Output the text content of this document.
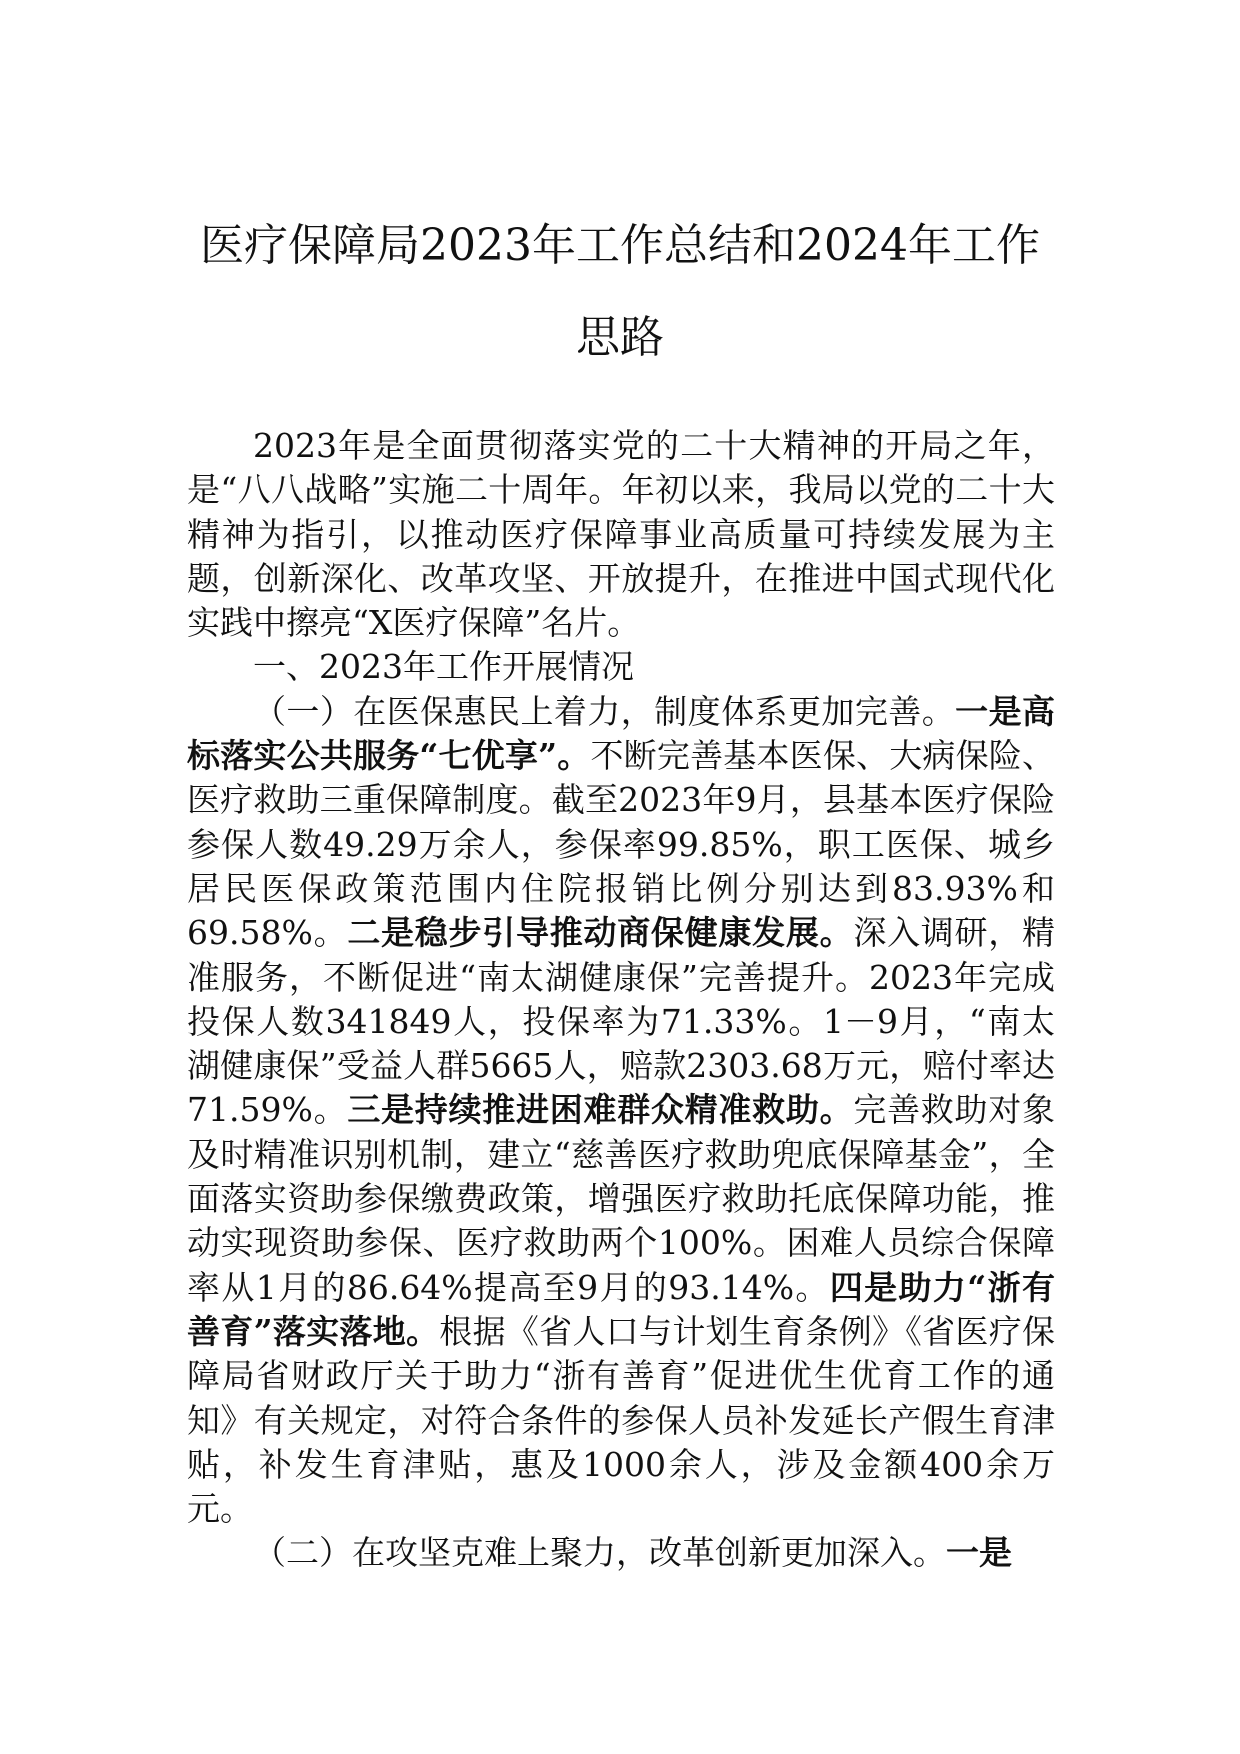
医疗保障局2023年工作总结和2024年工作
思路

2023年是全面贯彻落实党的二十大精神的开局之年，是“八八战略”实施二十周年。年初以来，我局以党的二十大精神为指引，以推动医疗保障事业高质量可持续发展为主题，创新深化、改革攻坚、开放提升，在推进中国式现代化实践中擦亮“X医疗保障”名片。

一、2023年工作开展情况

（一）在医保惠民上着力，制度体系更加完善。一是高标落实公共服务“七优享”。不断完善基本医保、大病保险、医疗救助三重保障制度。截至2023年9月，县基本医疗保险参保人数49.29万余人，参保率99.85%，职工医保、城乡居民医保政策范围内住院报销比例分别达到83.93%和69.58%。二是稳步引导推动商保健康发展。深入调研，精准服务，不断促进“南太湖健康保”完善提升。2023年完成投保人数341849人，投保率为71.33%。1－9月，“南太湖健康保”受益人群5665人，赔款2303.68万元，赔付率达71.59%。三是持续推进困难群众精准救助。完善救助对象及时精准识别机制，建立“慈善医疗救助兜底保障基金”，全面落实资助参保缴费政策，增强医疗救助托底保障功能，推动实现资助参保、医疗救助两个100%。困难人员综合保障率从1月的86.64%提高至9月的93.14%。四是助力“浙有善育”落实落地。根据《省人口与计划生育条例》《省医疗保障局省财政厅关于助力“浙有善育”促进优生优育工作的通知》有关规定，对符合条件的参保人员补发延长产假生育津贴，补发生育津贴，惠及1000余人，涉及金额400余万元。

（二）在攻坚克难上聚力，改革创新更加深入。一是
